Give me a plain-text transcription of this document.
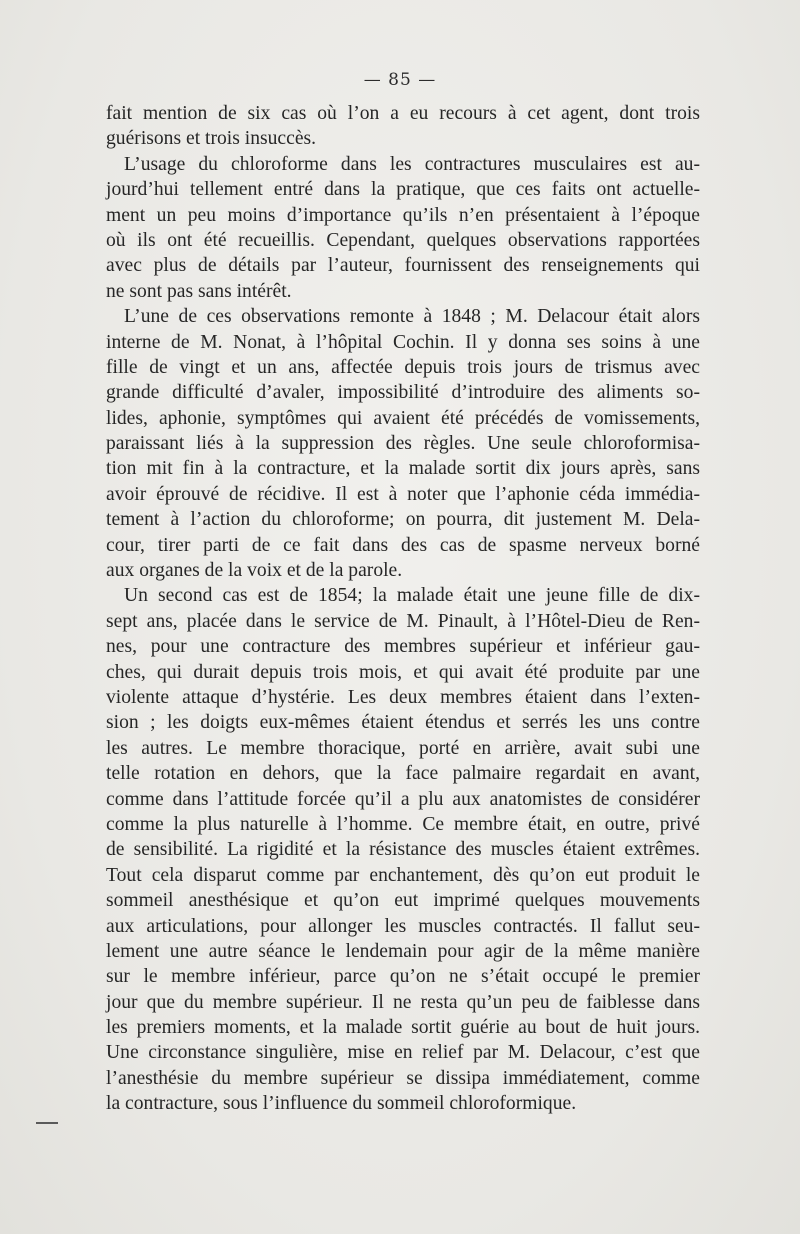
— 85 —
fait mention de six cas où l’on a eu recours à cet agent, dont trois
guérisons et trois insuccès.
L’usage du chloroforme dans les contractures musculaires est au-
jourd’hui tellement entré dans la pratique, que ces faits ont actuelle-
ment un peu moins d’importance qu’ils n’en présentaient à l’époque
où ils ont été recueillis. Cependant, quelques observations rapportées
avec plus de détails par l’auteur, fournissent des renseignements qui
ne sont pas sans intérêt.
L’une de ces observations remonte à 1848 ; M. Delacour était alors
interne de M. Nonat, à l’hôpital Cochin. Il y donna ses soins à une
fille de vingt et un ans, affectée depuis trois jours de trismus avec
grande difficulté d’avaler, impossibilité d’introduire des aliments so-
lides, aphonie, symptômes qui avaient été précédés de vomissements,
paraissant liés à la suppression des règles. Une seule chloroformisa-
tion mit fin à la contracture, et la malade sortit dix jours après, sans
avoir éprouvé de récidive. Il est à noter que l’aphonie céda immédia-
tement à l’action du chloroforme; on pourra, dit justement M. Dela-
cour, tirer parti de ce fait dans des cas de spasme nerveux borné
aux organes de la voix et de la parole.
Un second cas est de 1854; la malade était une jeune fille de dix-
sept ans, placée dans le service de M. Pinault, à l’Hôtel-Dieu de Ren-
nes, pour une contracture des membres supérieur et inférieur gau-
ches, qui durait depuis trois mois, et qui avait été produite par une
violente attaque d’hystérie. Les deux membres étaient dans l’exten-
sion ; les doigts eux-mêmes étaient étendus et serrés les uns contre
les autres. Le membre thoracique, porté en arrière, avait subi une
telle rotation en dehors, que la face palmaire regardait en avant,
comme dans l’attitude forcée qu’il a plu aux anatomistes de considérer
comme la plus naturelle à l’homme. Ce membre était, en outre, privé
de sensibilité. La rigidité et la résistance des muscles étaient extrêmes.
Tout cela disparut comme par enchantement, dès qu’on eut produit le
sommeil anesthésique et qu’on eut imprimé quelques mouvements
aux articulations, pour allonger les muscles contractés. Il fallut seu-
lement une autre séance le lendemain pour agir de la même manière
sur le membre inférieur, parce qu’on ne s’était occupé le premier
jour que du membre supérieur. Il ne resta qu’un peu de faiblesse dans
les premiers moments, et la malade sortit guérie au bout de huit jours.
Une circonstance singulière, mise en relief par M. Delacour, c’est que
l’anesthésie du membre supérieur se dissipa immédiatement, comme
la contracture, sous l’influence du sommeil chloroformique.
